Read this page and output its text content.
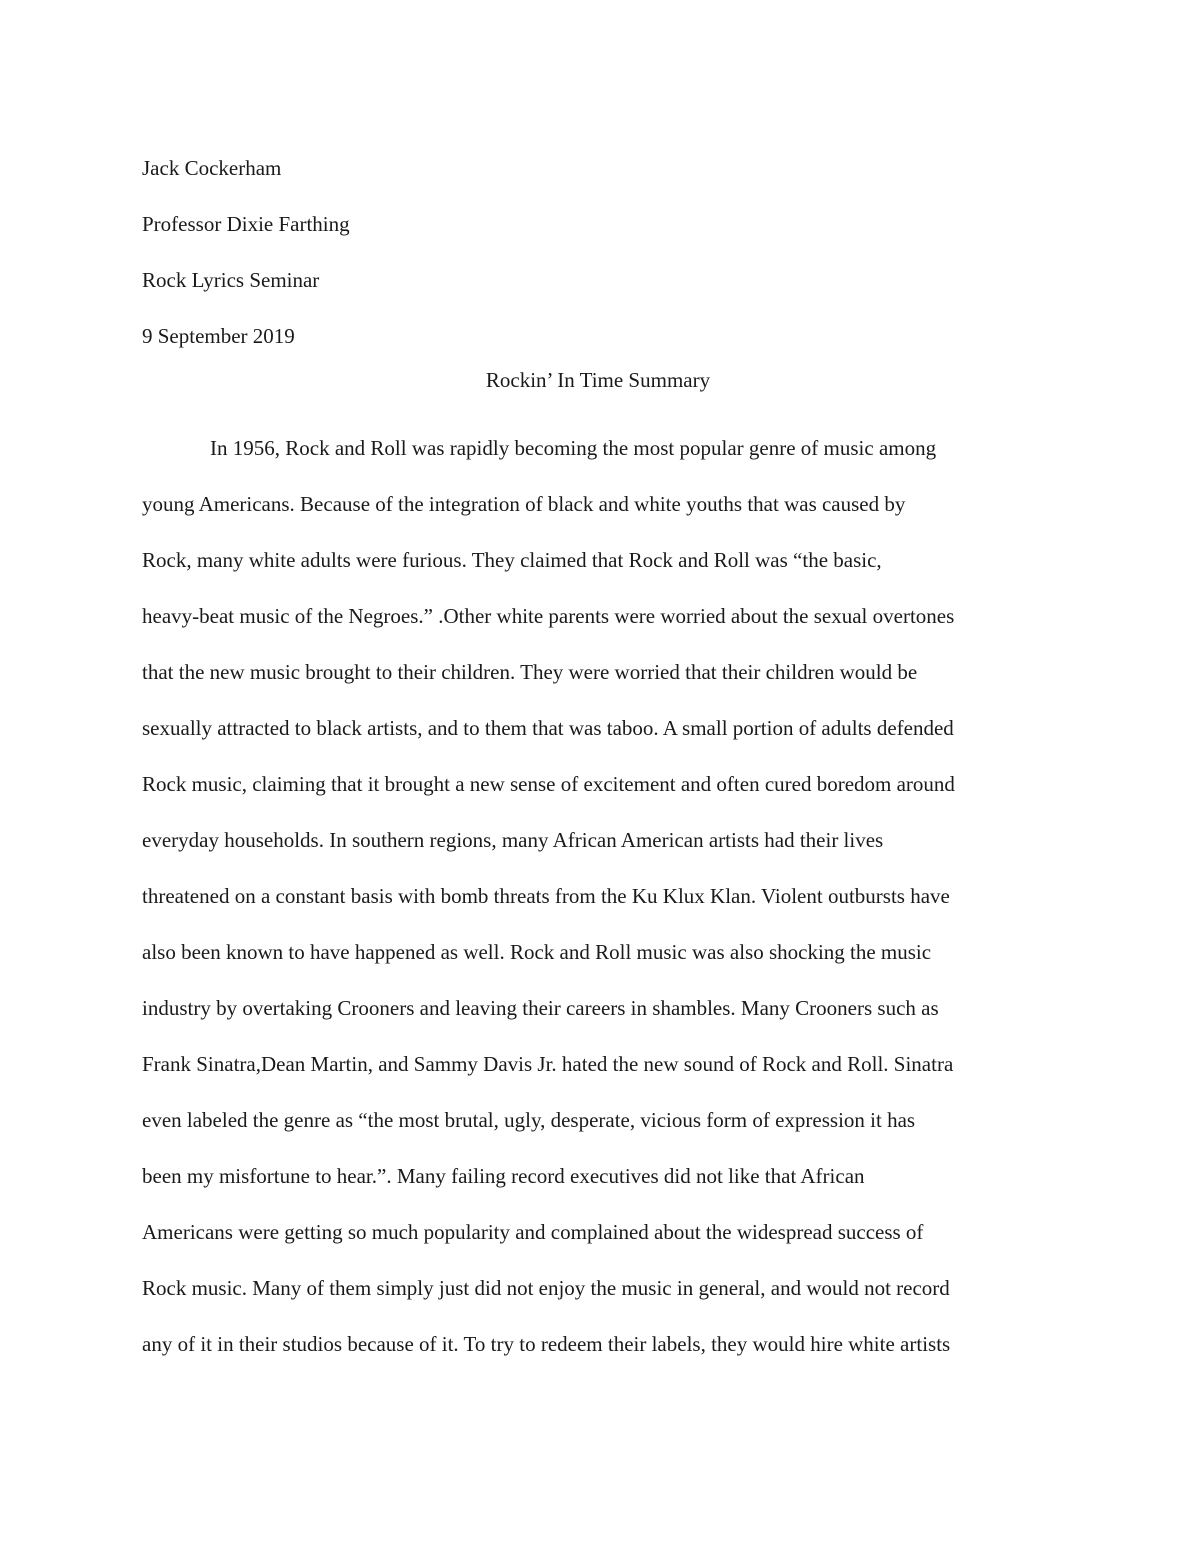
Jack Cockerham
Professor Dixie Farthing
Rock Lyrics Seminar
9 September 2019
Rockin’ In Time Summary
In 1956, Rock and Roll was rapidly becoming the most popular genre of music among
young Americans. Because of the integration of black and white youths that was caused by
Rock, many white adults were furious. They claimed that Rock and Roll was “the basic,
heavy-beat music of the Negroes.” .Other white parents were worried about the sexual overtones
that the new music brought to their children. They were worried that their children would be
sexually attracted to black artists, and to them that was taboo. A small portion of adults defended
Rock music, claiming that it brought a new sense of excitement and often cured boredom around
everyday households. In southern regions, many African American artists had their lives
threatened on a constant basis with bomb threats from the Ku Klux Klan. Violent outbursts have
also been known to have happened as well. Rock and Roll music was also shocking the music
industry by overtaking Crooners and leaving their careers in shambles. Many Crooners such as
Frank Sinatra,Dean Martin, and Sammy Davis Jr. hated the new sound of Rock and Roll. Sinatra
even labeled the genre as “the most brutal, ugly, desperate, vicious form of expression it has
been my misfortune to hear.”. Many failing record executives did not like that African
Americans were getting so much popularity and complained about the widespread success of
Rock music. Many of them simply just did not enjoy the music in general, and would not record
any of it in their studios because of it. To try to redeem their labels, they would hire white artists
